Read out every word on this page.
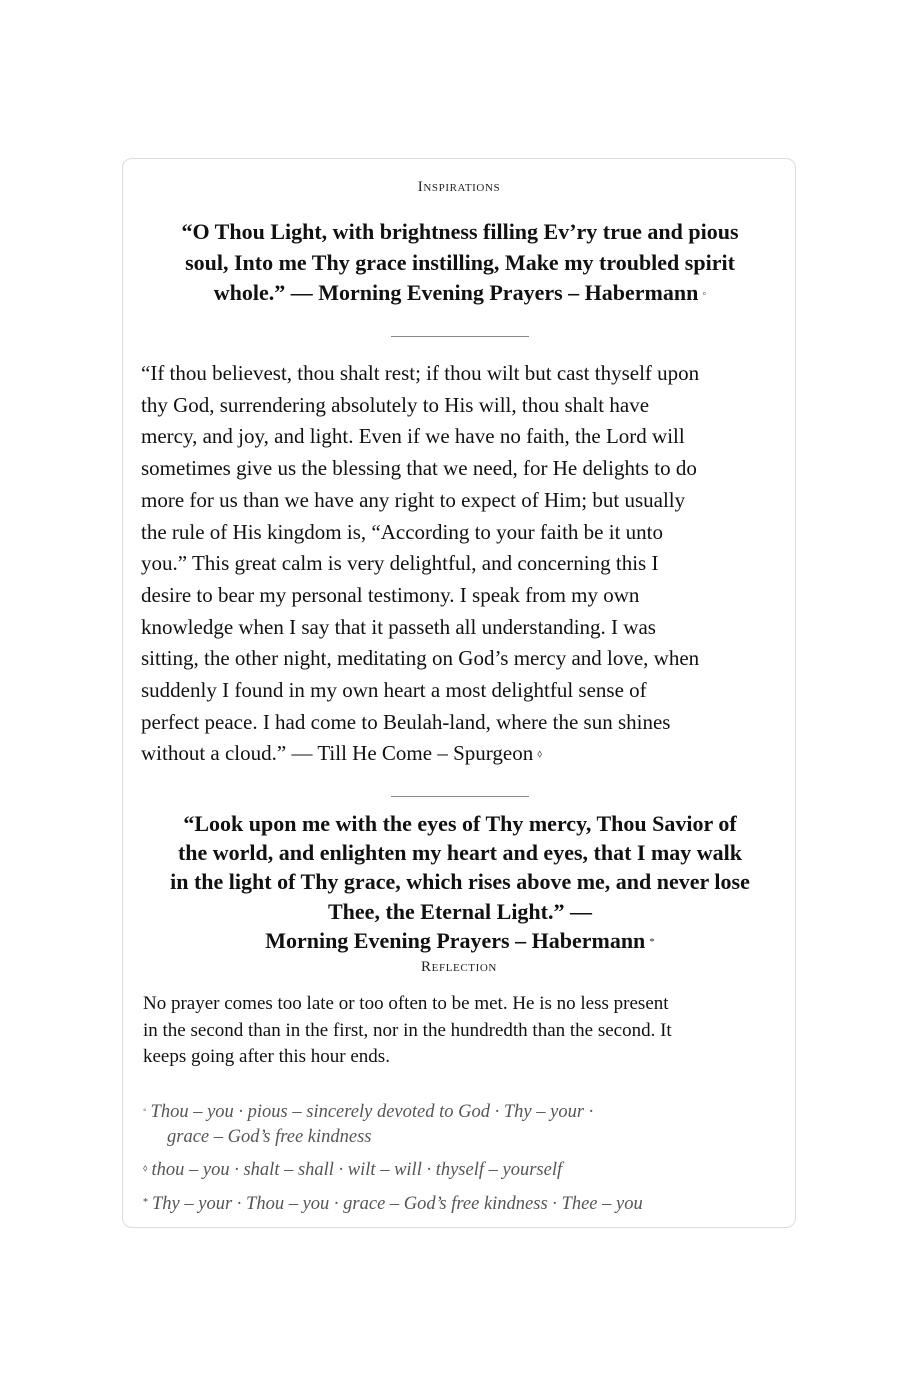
Inspirations
“O Thou Light, with brightness filling Ev’ry true and pious
soul, Into me Thy grace instilling, Make my troubled spirit
whole.” — Morning Evening Prayers – Habermann ◦
“If thou believest, thou shalt rest; if thou wilt but cast thyself upon
thy God, surrendering absolutely to His will, thou shalt have
mercy, and joy, and light. Even if we have no faith, the Lord will
sometimes give us the blessing that we need, for He delights to do
more for us than we have any right to expect of Him; but usually
the rule of His kingdom is, “According to your faith be it unto
you.” This great calm is very delightful, and concerning this I
desire to bear my personal testimony. I speak from my own
knowledge when I say that it passeth all understanding. I was
sitting, the other night, meditating on God’s mercy and love, when
suddenly I found in my own heart a most delightful sense of
perfect peace. I had come to Beulah-land, where the sun shines
without a cloud.” — Till He Come – Spurgeon ⬨
“Look upon me with the eyes of Thy mercy, Thou Savior of
the world, and enlighten my heart and eyes, that I may walk
in the light of Thy grace, which rises above me, and never lose
Thee, the Eternal Light.” —
Morning Evening Prayers – Habermann *
Reflection
No prayer comes too late or too often to be met. He is no less present
in the second than in the first, nor in the hundredth than the second. It
keeps going after this hour ends.
◦ Thou – you · pious – sincerely devoted to God · Thy – your ·
grace – God’s free kindness
⬨ thou – you · shalt – shall · wilt – will · thyself – yourself
* Thy – your · Thou – you · grace – God’s free kindness · Thee – you
